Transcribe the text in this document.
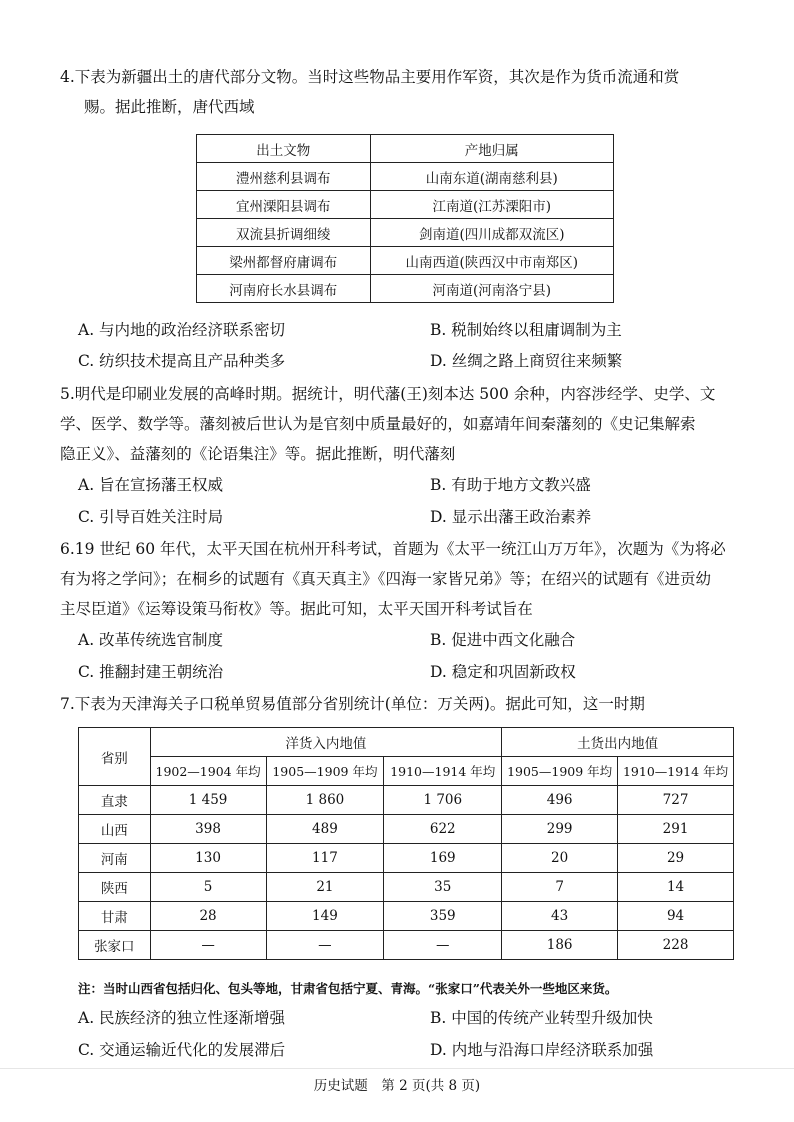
4.下表为新疆出土的唐代部分文物。当时这些物品主要用作军资，其次是作为货币流通和赏
赐。据此推断，唐代西域
出土文物	产地归属
澧州慈利县调布	山南东道(湖南慈利县)
宜州溧阳县调布	江南道(江苏溧阳市)
双流县折调细绫	剑南道(四川成都双流区)
梁州都督府庸调布	山南西道(陕西汉中市南郑区)
河南府长水县调布	河南道(河南洛宁县)
A. 与内地的政治经济联系密切	B. 税制始终以租庸调制为主
C. 纺织技术提高且产品种类多	D. 丝绸之路上商贸往来频繁
5.明代是印刷业发展的高峰时期。据统计，明代藩(王)刻本达 500 余种，内容涉经学、史学、文
学、医学、数学等。藩刻被后世认为是官刻中质量最好的，如嘉靖年间秦藩刻的《史记集解索
隐正义》、益藩刻的《论语集注》等。据此推断，明代藩刻
A. 旨在宣扬藩王权威	B. 有助于地方文教兴盛
C. 引导百姓关注时局	D. 显示出藩王政治素养
6.19 世纪 60 年代，太平天国在杭州开科考试，首题为《太平一统江山万万年》，次题为《为将必
有为将之学问》；在桐乡的试题有《真天真主》《四海一家皆兄弟》等；在绍兴的试题有《进贡幼
主尽臣道》《运筹设策马衔枚》等。据此可知，太平天国开科考试旨在
A. 改革传统选官制度	B. 促进中西文化融合
C. 推翻封建王朝统治	D. 稳定和巩固新政权
7.下表为天津海关子口税单贸易值部分省别统计(单位：万关两)。据此可知，这一时期
省别	洋货入内地值			土货出内地值	
	1902—1904 年均	1905—1909 年均	1910—1914 年均	1905—1909 年均	1910—1914 年均
直隶	1 459	1 860	1 706	496	727
山西	398	489	622	299	291
河南	130	117	169	20	29
陕西	5	21	35	7	14
甘肃	28	149	359	43	94
张家口	—	—	—	186	228
注：当时山西省包括归化、包头等地，甘肃省包括宁夏、青海。“张家口”代表关外一些地区来货。
A. 民族经济的独立性逐渐增强	B. 中国的传统产业转型升级加快
C. 交通运输近代化的发展滞后	D. 内地与沿海口岸经济联系加强
历史试题　第 2 页(共 8 页)
